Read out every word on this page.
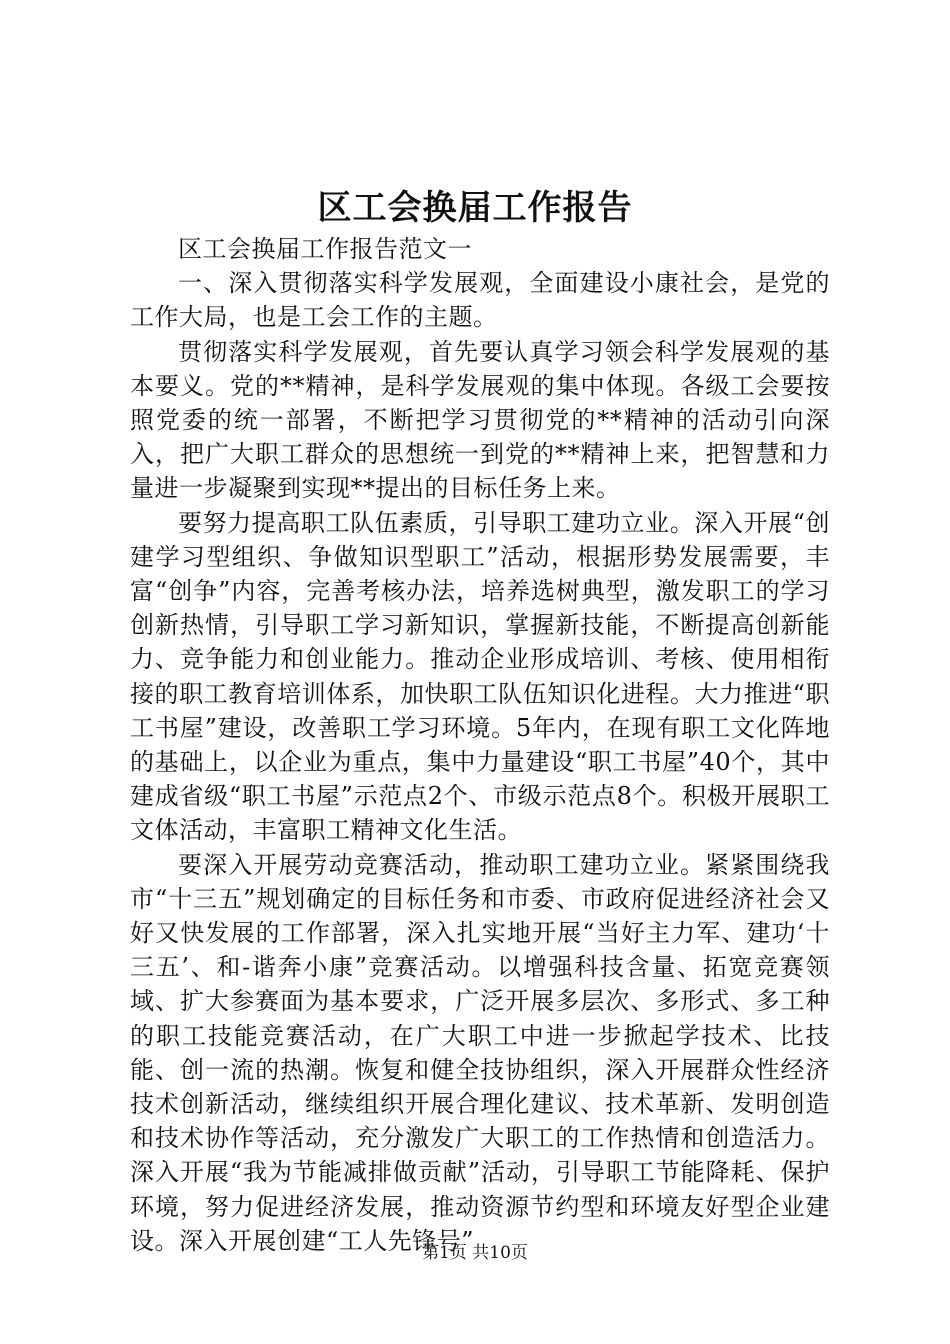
区工会换届工作报告

区工会换届工作报告范文一

一、深入贯彻落实科学发展观，全面建设小康社会，是党的工作大局，也是工会工作的主题。

贯彻落实科学发展观，首先要认真学习领会科学发展观的基本要义。党的**精神，是科学发展观的集中体现。各级工会要按照党委的统一部署，不断把学习贯彻党的**精神的活动引向深入，把广大职工群众的思想统一到党的**精神上来，把智慧和力量进一步凝聚到实现**提出的目标任务上来。

要努力提高职工队伍素质，引导职工建功立业。深入开展“创建学习型组织、争做知识型职工”活动，根据形势发展需要，丰富“创争”内容，完善考核办法，培养选树典型，激发职工的学习创新热情，引导职工学习新知识，掌握新技能，不断提高创新能力、竞争能力和创业能力。推动企业形成培训、考核、使用相衔接的职工教育培训体系，加快职工队伍知识化进程。大力推进“职工书屋”建设，改善职工学习环境。5年内，在现有职工文化阵地的基础上，以企业为重点，集中力量建设“职工书屋”40个，其中建成省级“职工书屋”示范点2个、市级示范点8个。积极开展职工文体活动，丰富职工精神文化生活。

要深入开展劳动竞赛活动，推动职工建功立业。紧紧围绕我市“十三五”规划确定的目标任务和市委、市政府促进经济社会又好又快发展的工作部署，深入扎实地开展“当好主力军、建功‘十三五’、和-谐奔小康”竞赛活动。以增强科技含量、拓宽竞赛领域、扩大参赛面为基本要求，广泛开展多层次、多形式、多工种的职工技能竞赛活动，在广大职工中进一步掀起学技术、比技能、创一流的热潮。恢复和健全技协组织，深入开展群众性经济技术创新活动，继续组织开展合理化建议、技术革新、发明创造和技术协作等活动，充分激发广大职工的工作热情和创造活力。深入开展“我为节能减排做贡献”活动，引导职工节能降耗、保护环境，努力促进经济发展，推动资源节约型和环境友好型企业建设。深入开展创建“工人先锋号”

第1页 共10页
